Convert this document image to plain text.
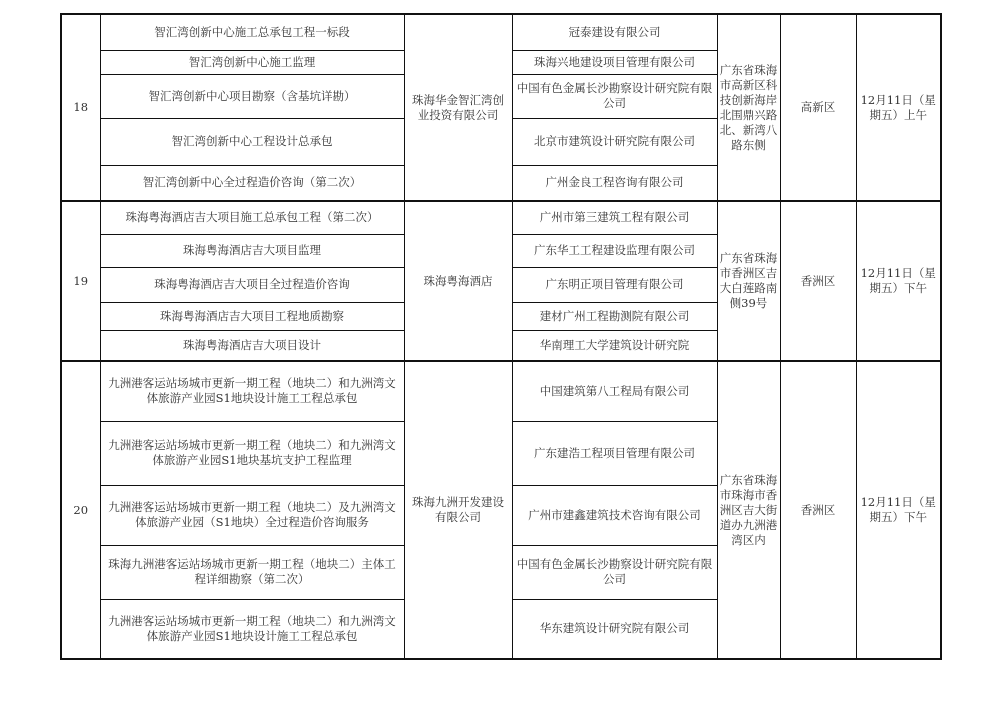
18	智汇湾创新中心施工总承包工程一标段	珠海华金智汇湾创业投资有限公司	冠泰建设有限公司	广东省珠海市高新区科技创新海岸北围鼎兴路北、新湾八路东侧	高新区	12月11日（星期五）上午
	智汇湾创新中心施工监理		珠海兴地建设项目管理有限公司			
	智汇湾创新中心项目勘察（含基坑详勘）		中国有色金属长沙勘察设计研究院有限公司			
	智汇湾创新中心工程设计总承包		北京市建筑设计研究院有限公司			
	智汇湾创新中心全过程造价咨询（第二次）		广州金良工程咨询有限公司			
19	珠海粤海酒店吉大项目施工总承包工程（第二次）	珠海粤海酒店	广州市第三建筑工程有限公司	广东省珠海市香洲区吉大白莲路南侧39号	香洲区	12月11日（星期五）下午
	珠海粤海酒店吉大项目监理		广东华工工程建设监理有限公司			
	珠海粤海酒店吉大项目全过程造价咨询		广东明正项目管理有限公司			
	珠海粤海酒店吉大项目工程地质勘察		建材广州工程勘测院有限公司			
	珠海粤海酒店吉大项目设计		华南理工大学建筑设计研究院			
20	九洲港客运站场城市更新一期工程（地块二）和九洲湾文体旅游产业园S1地块设计施工工程总承包	珠海九洲开发建设有限公司	中国建筑第八工程局有限公司	广东省珠海市珠海市香洲区吉大街道办九洲港湾区内	香洲区	12月11日（星期五）下午
	九洲港客运站场城市更新一期工程（地块二）和九洲湾文体旅游产业园S1地块基坑支护工程监理		广东建浩工程项目管理有限公司			
	九洲港客运站场城市更新一期工程（地块二）及九洲湾文体旅游产业园（S1地块）全过程造价咨询服务		广州市建鑫建筑技术咨询有限公司			
	珠海九洲港客运站场城市更新一期工程（地块二）主体工程详细勘察（第二次）		中国有色金属长沙勘察设计研究院有限公司			
	九洲港客运站场城市更新一期工程（地块二）和九洲湾文体旅游产业园S1地块设计施工工程总承包		华东建筑设计研究院有限公司			
